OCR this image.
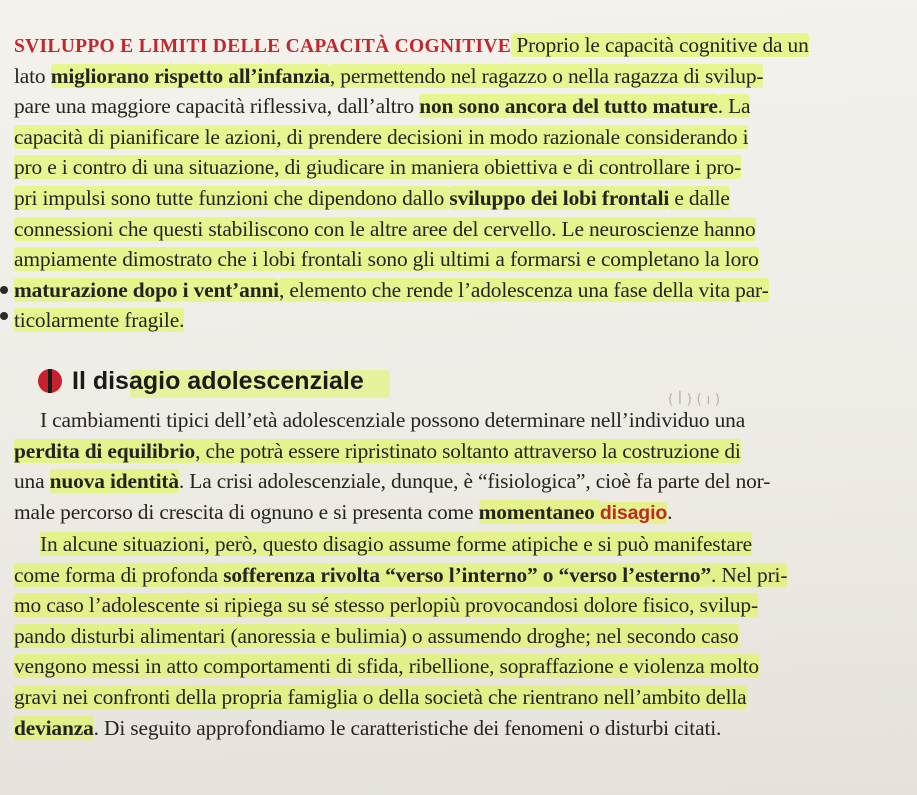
SVILUPPO E LIMITI DELLE CAPACITÀ COGNITIVE Proprio le capacità cognitive da un
lato migliorano rispetto all’infanzia, permettendo nel ragazzo o nella ragazza di svilup-
pare una maggiore capacità riflessiva, dall’altro non sono ancora del tutto mature. La
capacità di pianificare le azioni, di prendere decisioni in modo razionale considerando i
pro e i contro di una situazione, di giudicare in maniera obiettiva e di controllare i pro-
pri impulsi sono tutte funzioni che dipendono dallo sviluppo dei lobi frontali e dalle
connessioni che questi stabiliscono con le altre aree del cervello. Le neuroscienze hanno
ampiamente dimostrato che i lobi frontali sono gli ultimi a formarsi e completano la loro
maturazione dopo i vent’anni, elemento che rende l’adolescenza una fase della vita par-
ticolarmente fragile.
Il disagio adolescenziale
( ꟾ ) ( ı )
I cambiamenti tipici dell’età adolescenziale possono determinare nell’individuo una
perdita di equilibrio, che potrà essere ripristinato soltanto attraverso la costruzione di
una nuova identità. La crisi adolescenziale, dunque, è “fisiologica”, cioè fa parte del nor-
male percorso di crescita di ognuno e si presenta come momentaneo disagio.
In alcune situazioni, però, questo disagio assume forme atipiche e si può manifestare
come forma di profonda sofferenza rivolta “verso l’interno” o “verso l’esterno”. Nel pri-
mo caso l’adolescente si ripiega su sé stesso perlopiù provocandosi dolore fisico, svilup-
pando disturbi alimentari (anoressia e bulimia) o assumendo droghe; nel secondo caso
vengono messi in atto comportamenti di sfida, ribellione, sopraffazione e violenza molto
gravi nei confronti della propria famiglia o della società che rientrano nell’ambito della
devianza. Di seguito approfondiamo le caratteristiche dei fenomeni o disturbi citati.
